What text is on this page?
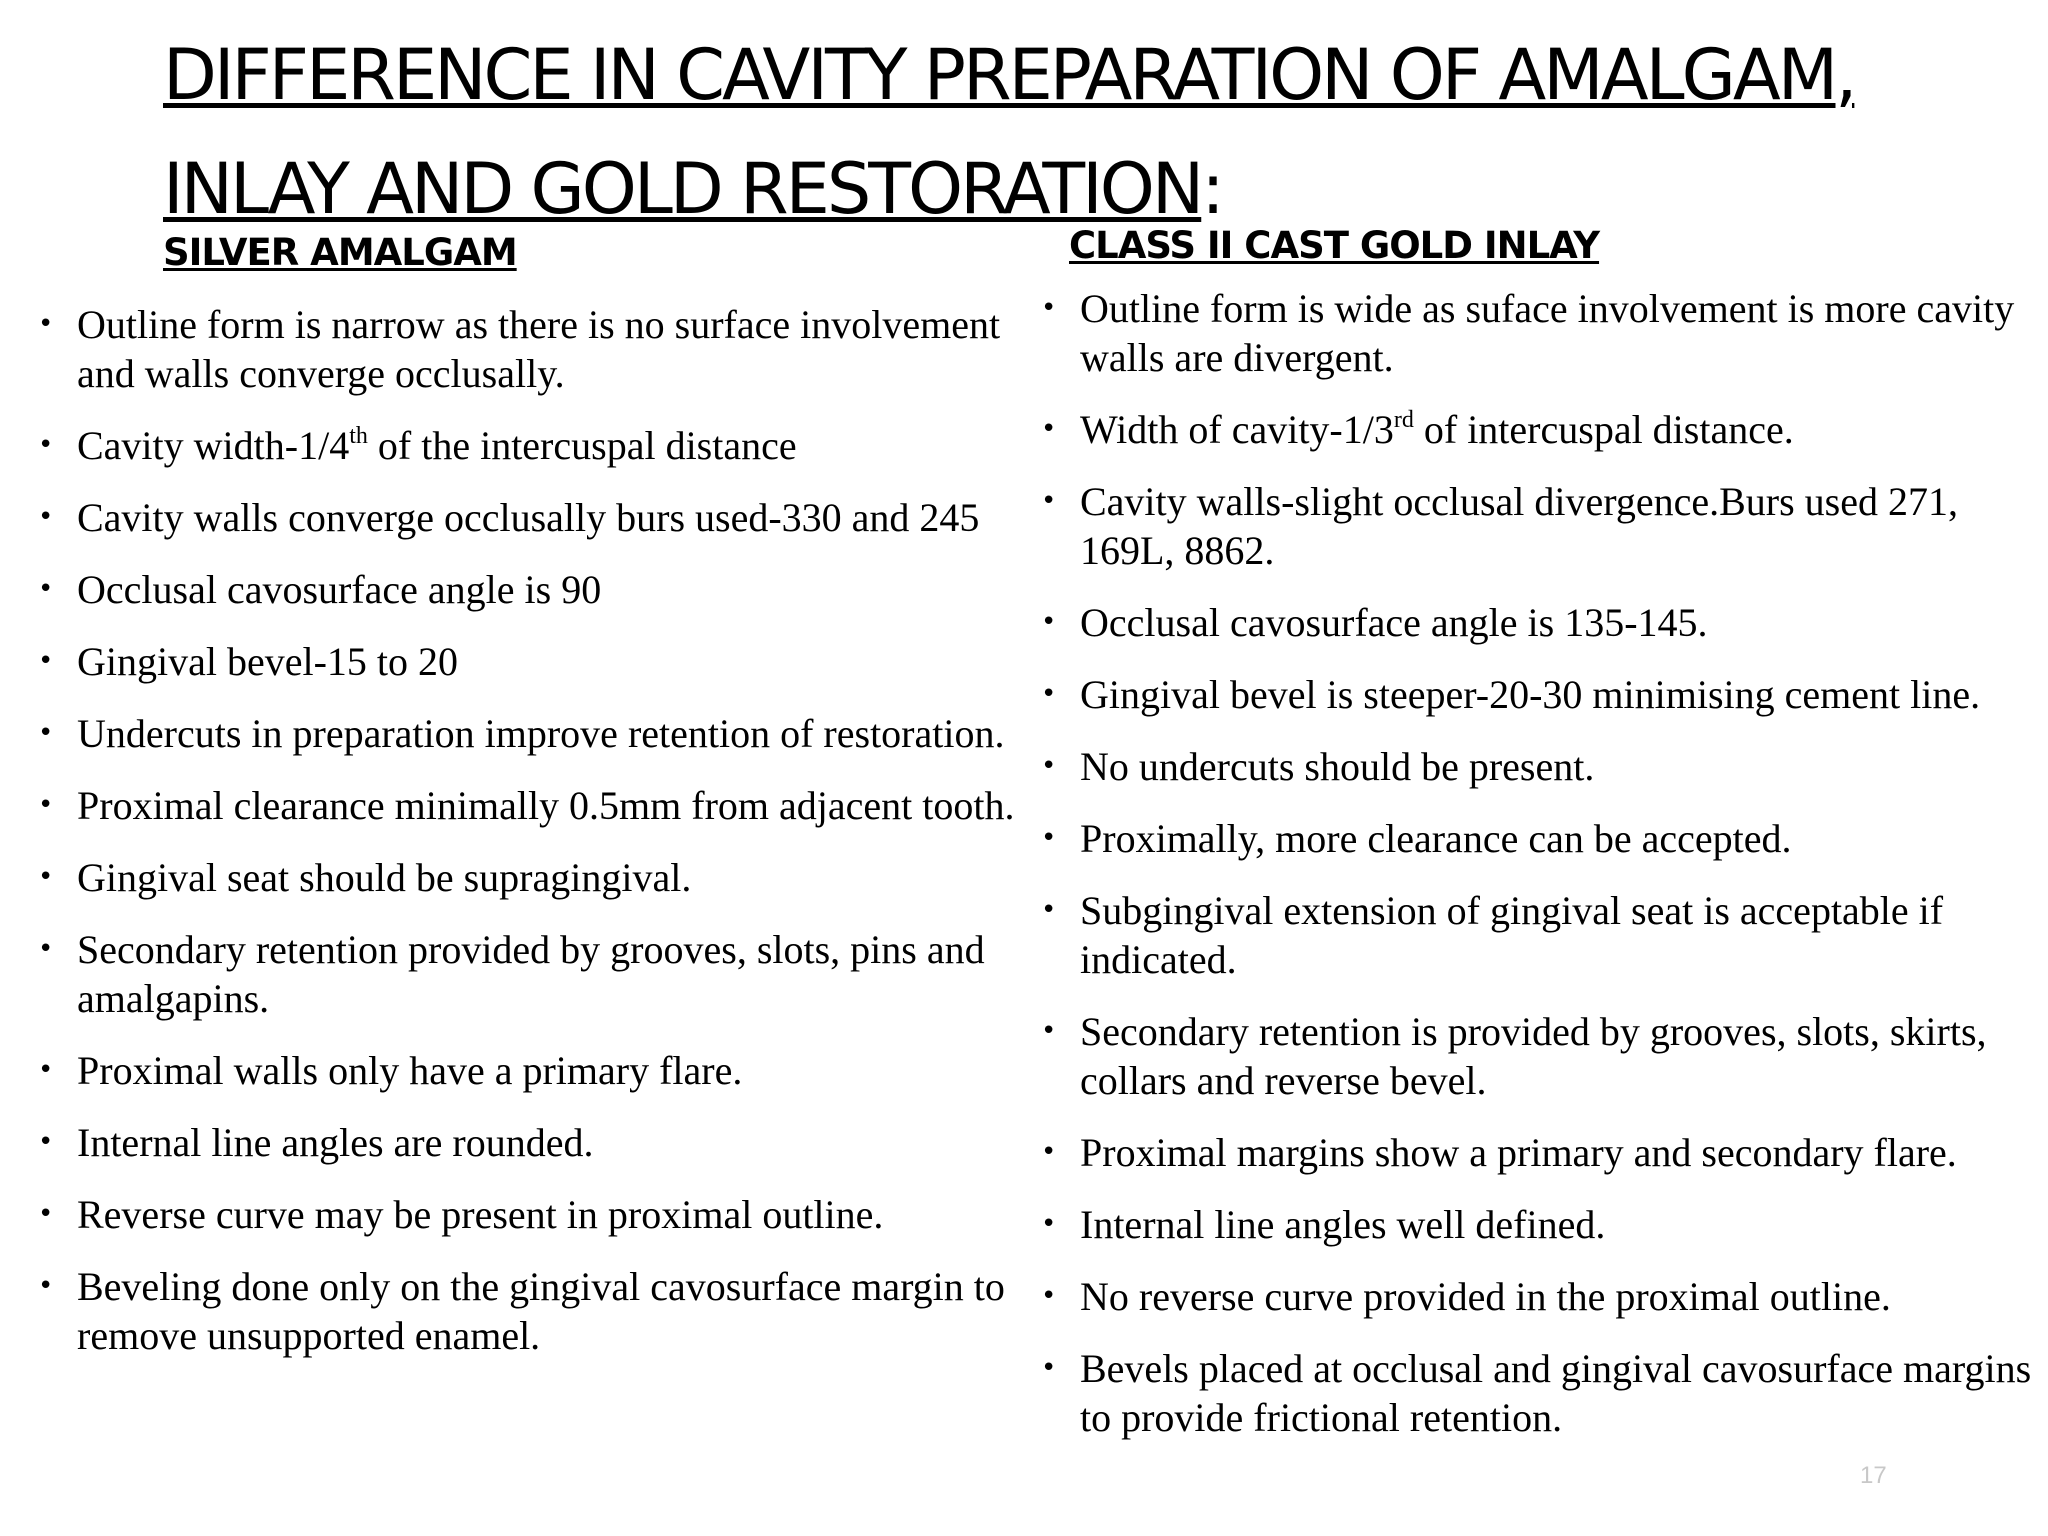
DIFFERENCE IN CAVITY PREPARATION OF AMALGAM, INLAY AND GOLD RESTORATION:
SILVER AMALGAM	CLASS II CAST GOLD INLAY
• Outline form is narrow as there is no surface involvement and walls converge occlusally.
• Cavity width-1/4th of the intercuspal distance
• Cavity walls converge occlusally burs used-330 and 245
• Occlusal cavosurface angle is 90
• Gingival bevel-15 to 20
• Undercuts in preparation improve retention of restoration.
• Proximal clearance minimally 0.5mm from adjacent tooth.
• Gingival seat should be supragingival.
• Secondary retention provided by grooves, slots, pins and amalgapins.
• Proximal walls only have a primary flare.
• Internal line angles are rounded.
• Reverse curve may be present in proximal outline.
• Beveling done only on the gingival cavosurface margin to remove unsupported enamel.
• Outline form is wide as suface involvement is more cavity walls are divergent.
• Width of cavity-1/3rd of intercuspal distance.
• Cavity walls-slight occlusal divergence.Burs used 271, 169L, 8862.
• Occlusal cavosurface angle is 135-145.
• Gingival bevel is steeper-20-30 minimising cement line.
• No undercuts should be present.
• Proximally, more clearance can be accepted.
• Subgingival extension of gingival seat is acceptable if indicated.
• Secondary retention is provided by grooves, slots, skirts, collars and reverse bevel.
• Proximal margins show a primary and secondary flare.
• Internal line angles well defined.
• No reverse curve provided in the proximal outline.
• Bevels placed at occlusal and gingival cavosurface margins to provide frictional retention.
17
